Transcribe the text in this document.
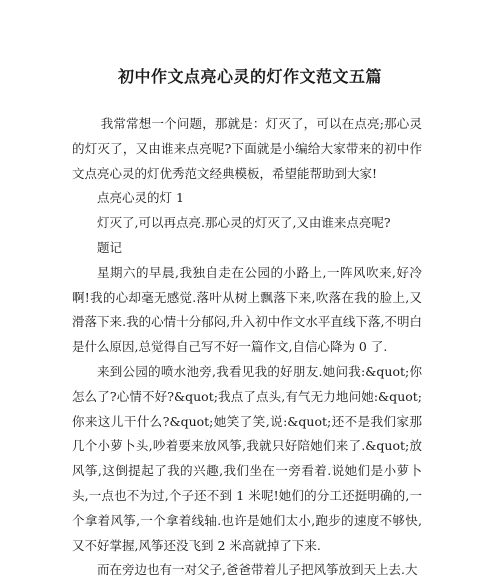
初中作文点亮心灵的灯作文范文五篇

我常常想一个问题，那就是：灯灭了，可以在点亮;那心灵的灯灭了，又由谁来点亮呢?下面就是小编给大家带来的初中作文点亮心灵的灯优秀范文经典模板，希望能帮助到大家!

点亮心灵的灯 1

灯灭了,可以再点亮.那心灵的灯灭了,又由谁来点亮呢?

题记

星期六的早晨,我独自走在公园的小路上,一阵风吹来,好冷啊!我的心却毫无感觉.落叶从树上飘落下来,吹落在我的脸上,又滑落下来.我的心情十分郁闷,升入初中作文水平直线下落,不明白是什么原因,总觉得自己写不好一篇作文,自信心降为 0 了.

来到公园的喷水池旁,我看见我的好朋友.她问我:&quot;你怎么了?心情不好?&quot;我点了点头,有气无力地问她:&quot;你来这儿干什么?&quot;她笑了笑,说:&quot;还不是我们家那几个小萝卜头,吵着要来放风筝,我就只好陪她们来了.&quot;放风筝,这倒提起了我的兴趣,我们坐在一旁看着.说她们是小萝卜头,一点也不为过,个子还不到 1 米呢!她们的分工还挺明确的,一个拿着风筝,一个拿着线轴.也许是她们太小,跑步的速度不够快,又不好掌握,风筝还没飞到 2 米高就掉了下来.

而在旁边也有一对父子,爸爸带着儿子把风筝放到天上去.大
